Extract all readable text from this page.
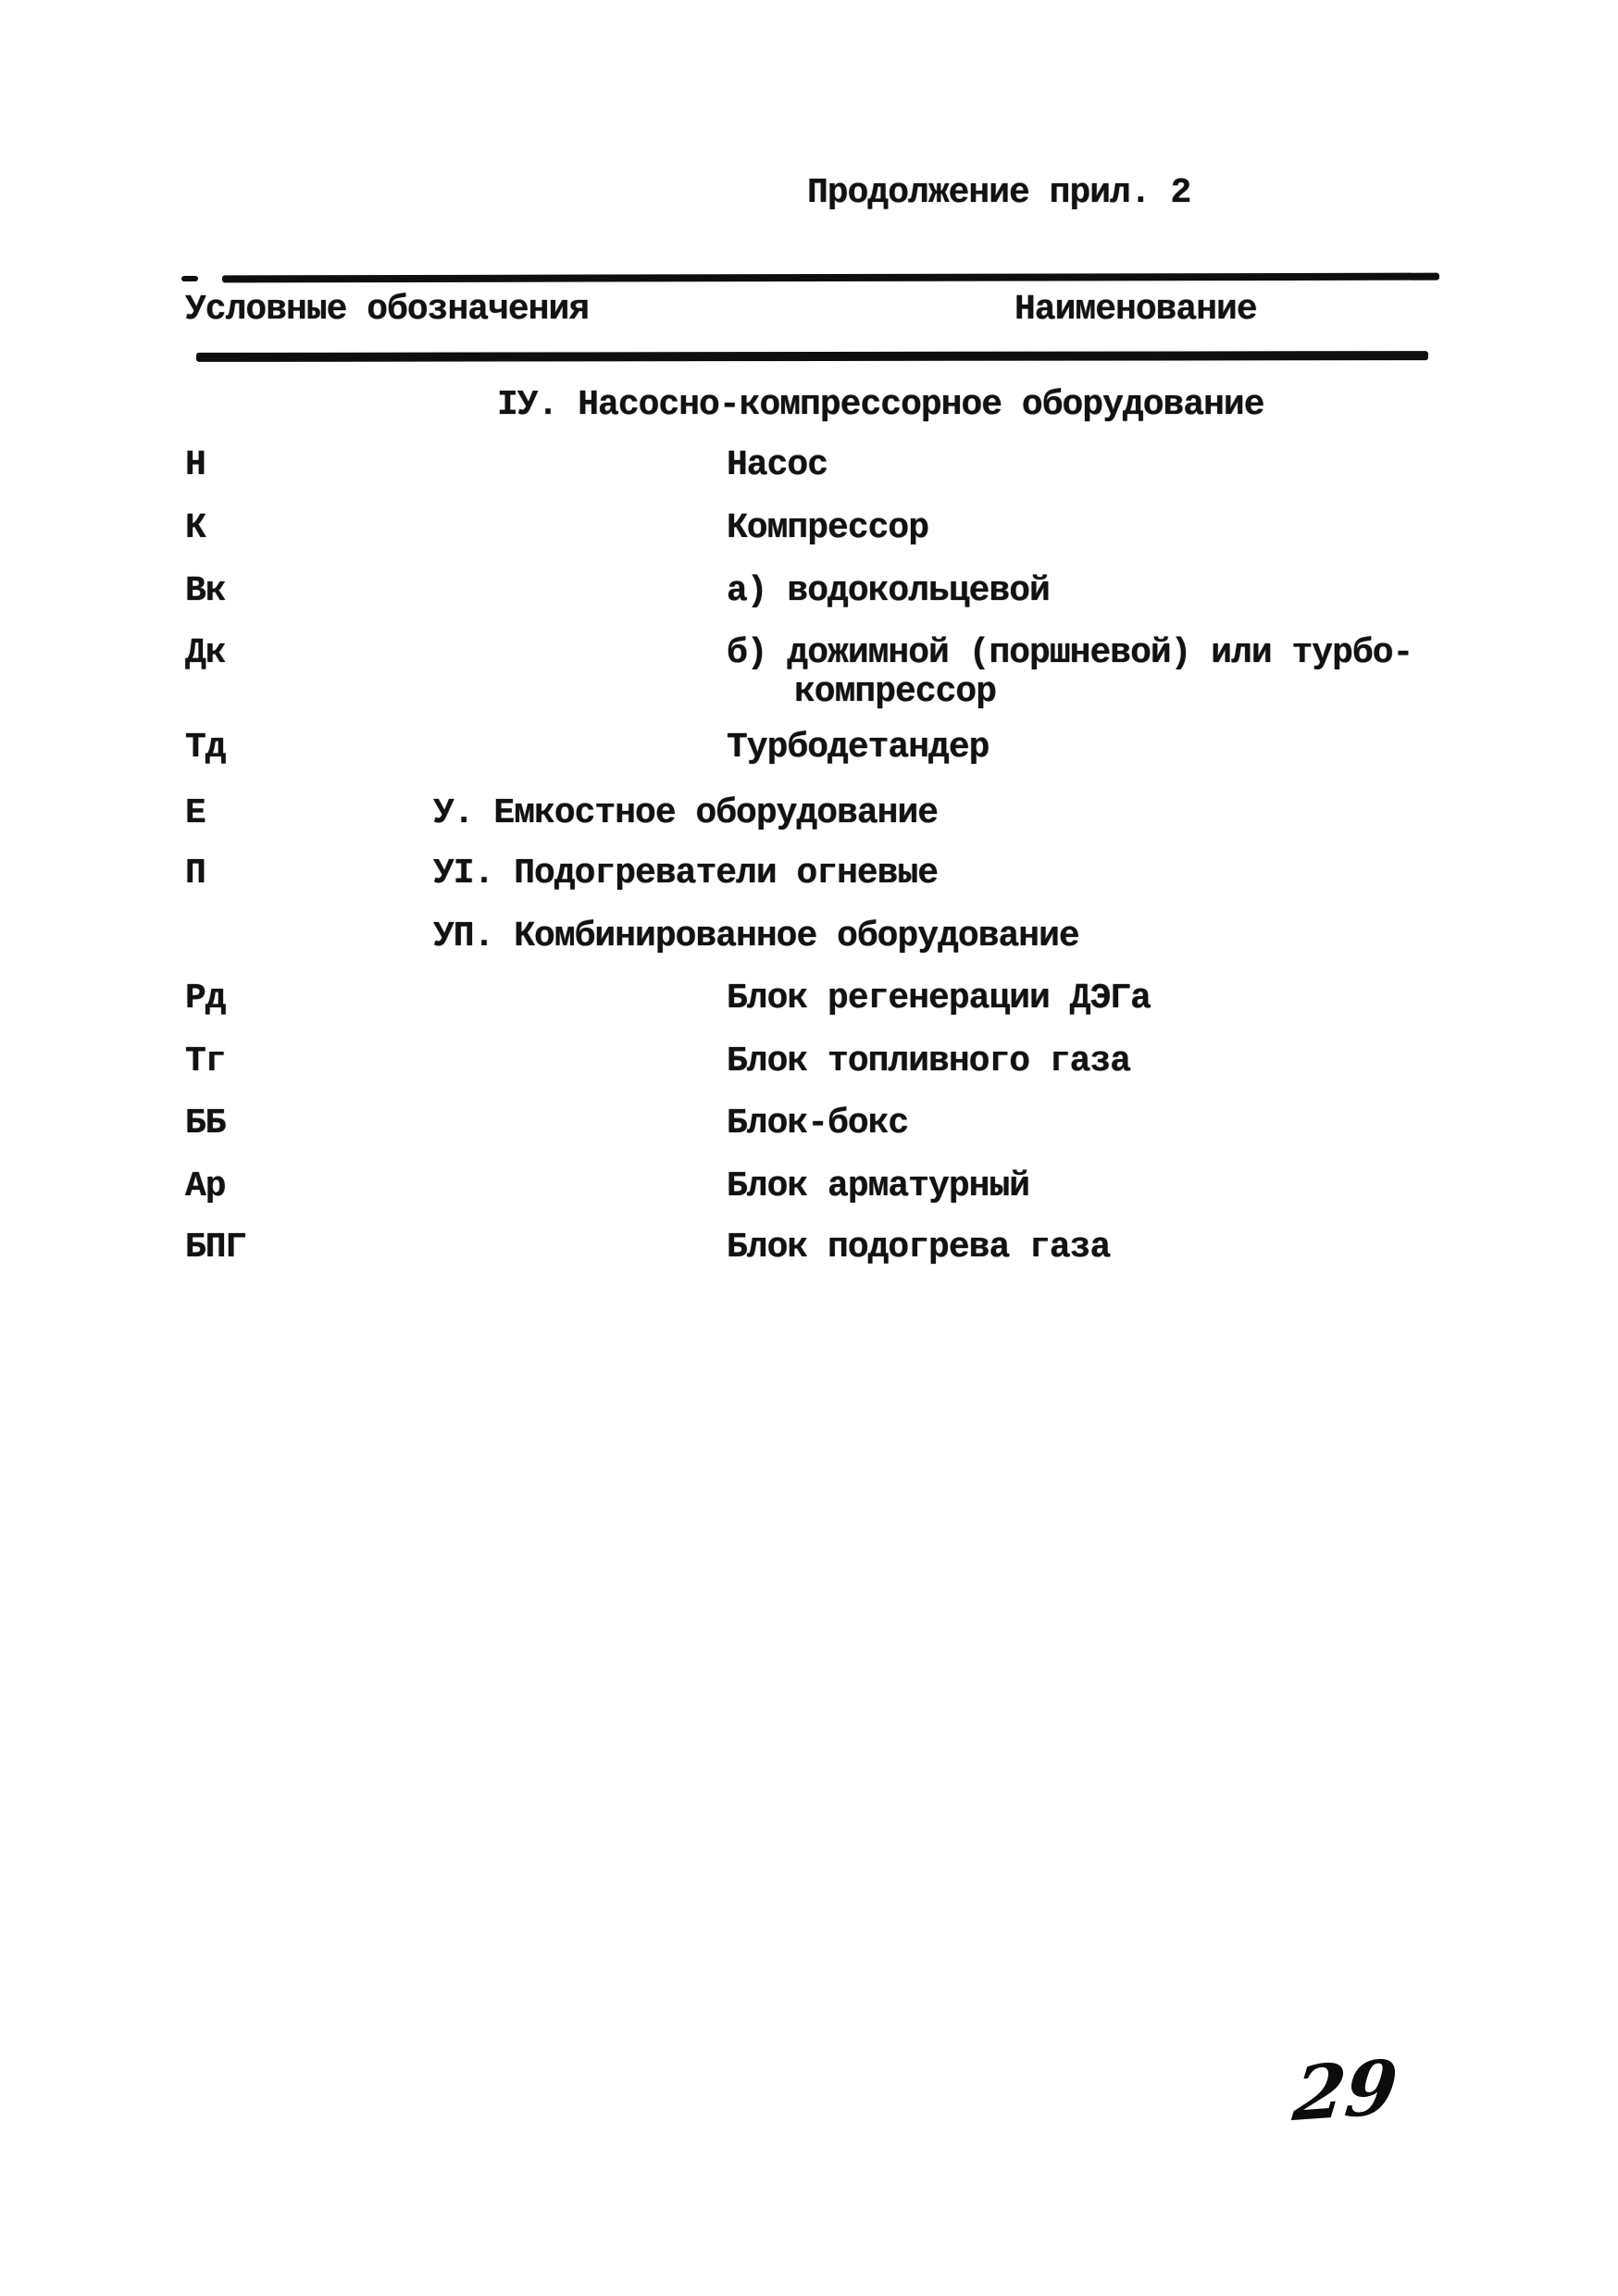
Продолжение прил. 2
Условные обозначения	Наименование
IУ. Насосно-компрессорное оборудование
Н	Насос
К	Компрессор
Вк	а) водокольцевой
Дк	б) дожимной (поршневой) или турбо-
компрессор
Тд	Турбодетандер
Е	У. Емкостное оборудование
П	УI. Подогреватели огневые
УП. Комбинированное оборудование
Рд	Блок регенерации ДЭГа
Тг	Блок топливного газа
ББ	Блок-бокс
Ар	Блок арматурный
БПГ	Блок подогрева газа
29
